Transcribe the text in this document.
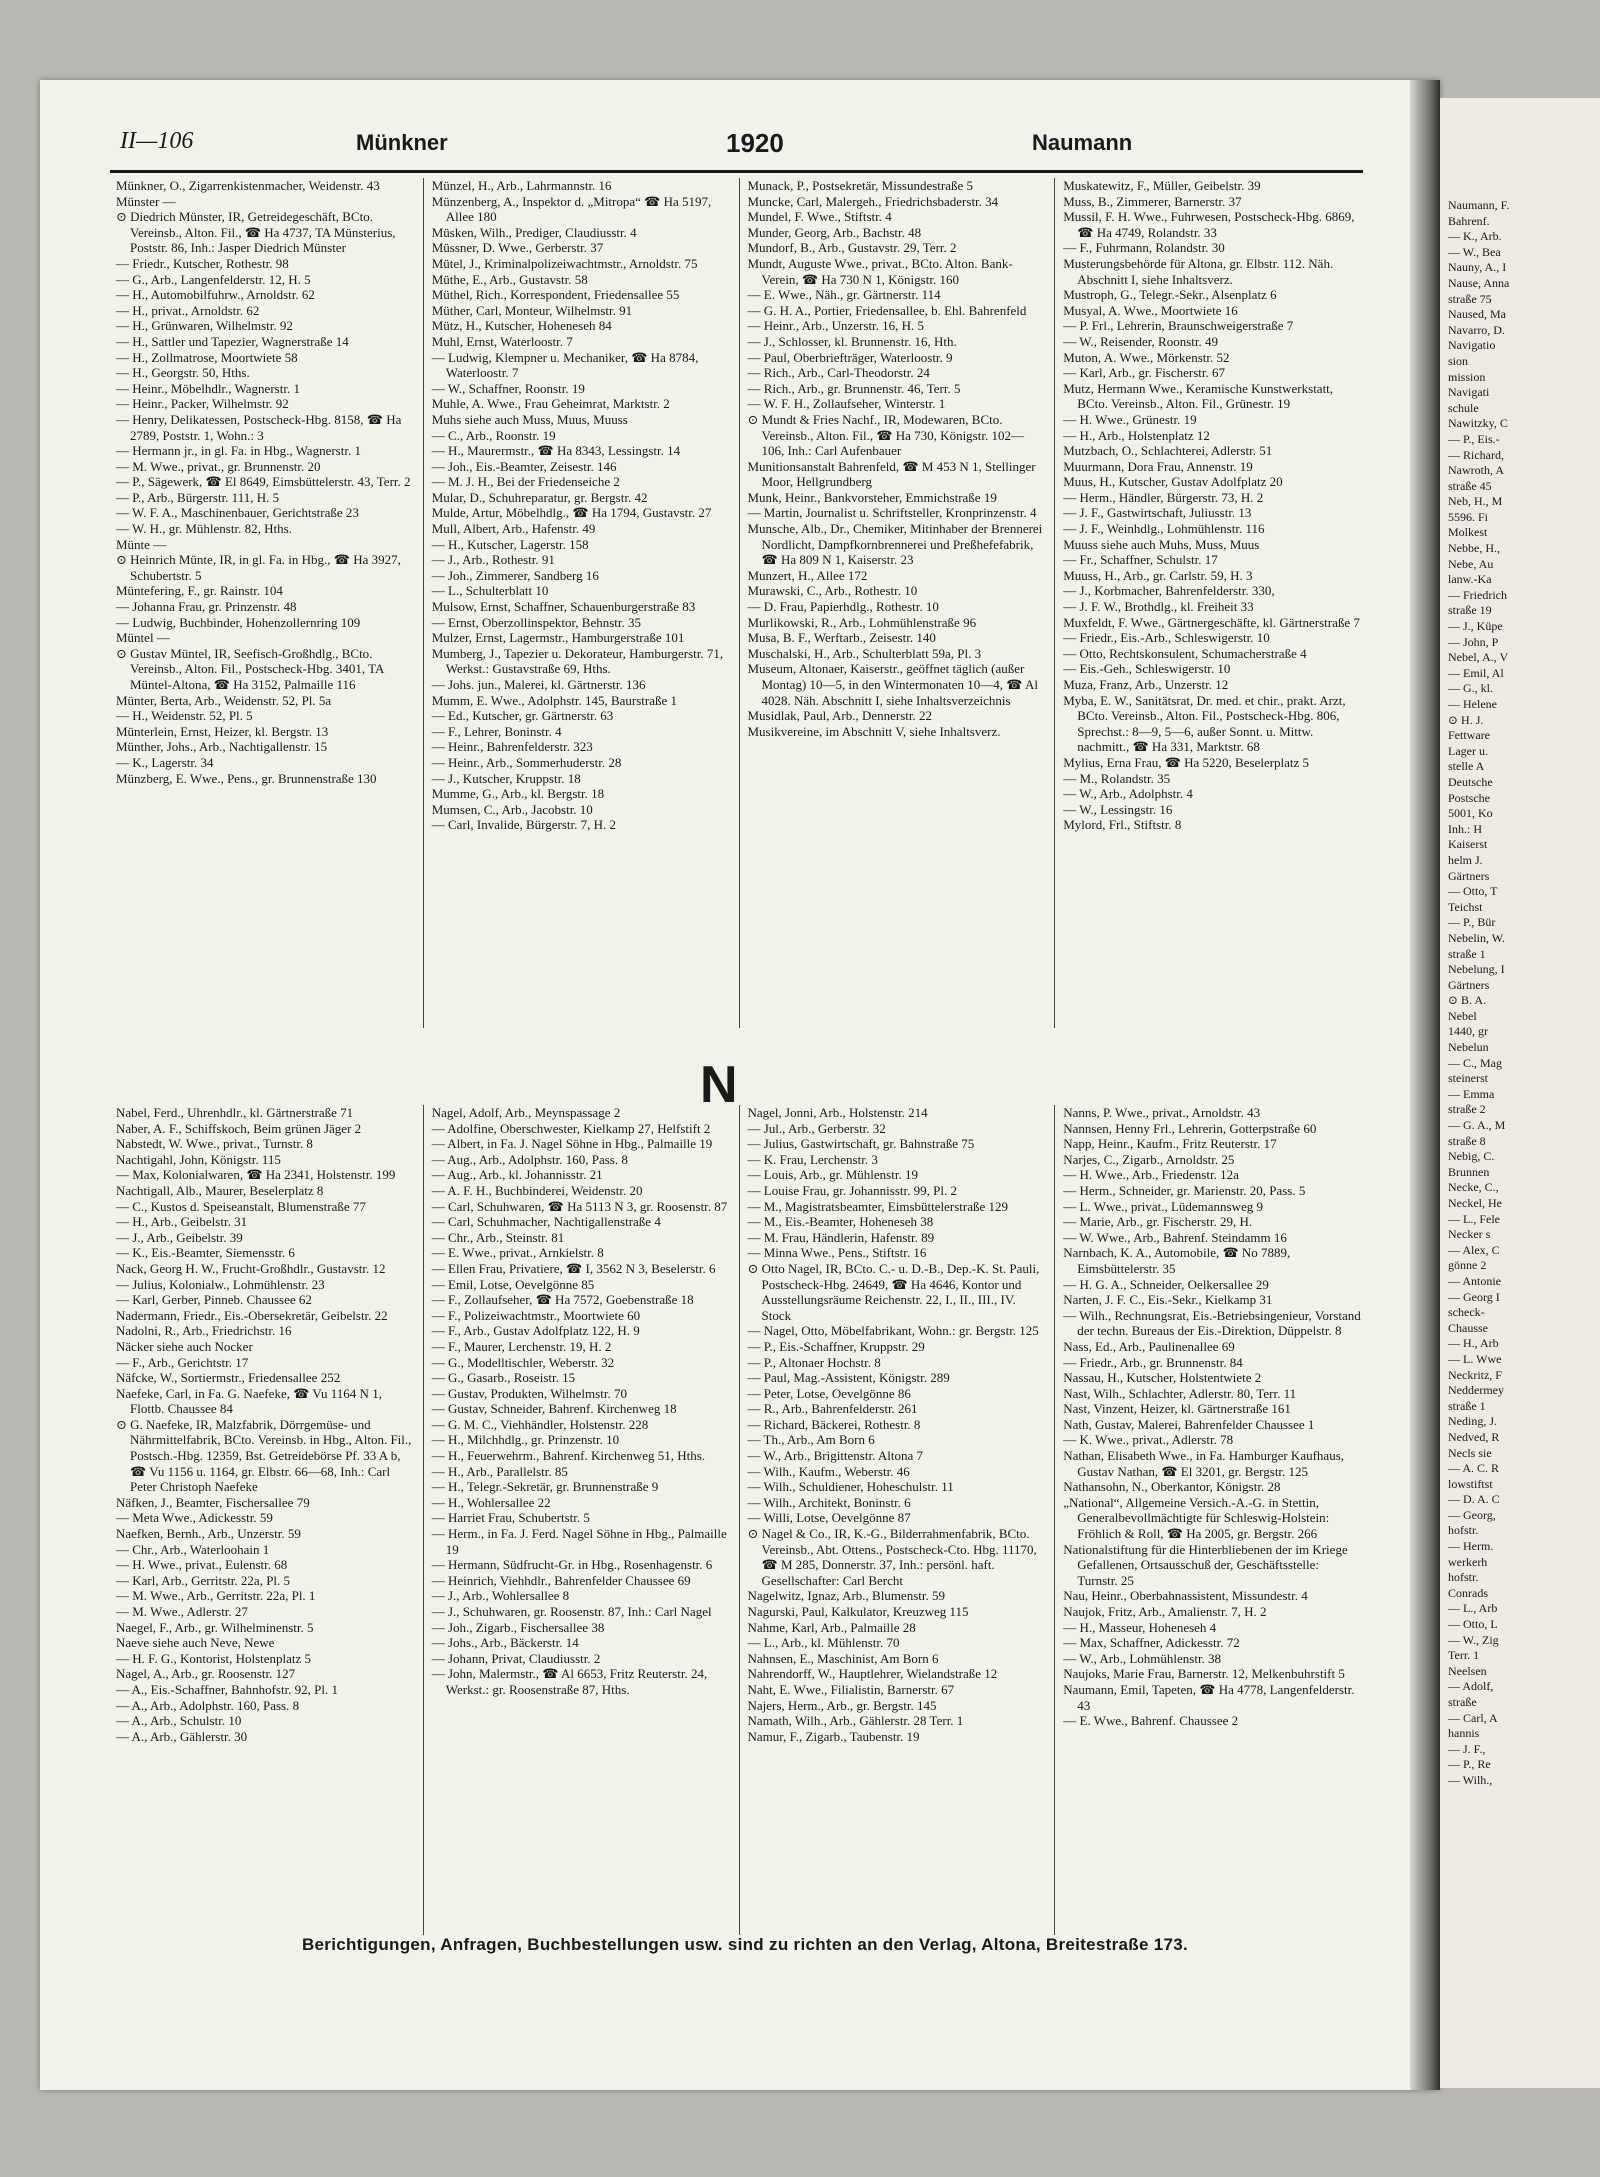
II—106	Münkner	1920	Naumann

Münkner, O., Zigarrenkistenmacher, Weidenstr. 43

Münster —

⊙ Diedrich Münster, IR, Getreidegeschäft, BCto. Vereinsb., Alton. Fil., ☎ Ha 4737, TA Münsterius, Poststr. 86, Inh.: Jasper Diedrich Münster

— Friedr., Kutscher, Rothestr. 98

— G., Arb., Langenfelderstr. 12, H. 5

— H., Automobilfuhrw., Arnoldstr. 62

— H., privat., Arnoldstr. 62

— H., Grünwaren, Wilhelmstr. 92

— H., Sattler und Tapezier, Wagnerstraße 14

— H., Zollmatrose, Moortwiete 58

— H., Georgstr. 50, Hths.

— Heinr., Möbelhdlr., Wagnerstr. 1

— Heinr., Packer, Wilhelmstr. 92

— Henry, Delikatessen, Postscheck-Hbg. 8158, ☎ Ha 2789, Poststr. 1, Wohn.: 3

— Hermann jr., in gl. Fa. in Hbg., Wagnerstr. 1

— M. Wwe., privat., gr. Brunnenstr. 20

— P., Sägewerk, ☎ El 8649, Eimsbüttelerstr. 43, Terr. 2

— P., Arb., Bürgerstr. 111, H. 5

— W. F. A., Maschinenbauer, Gerichtstraße 23

— W. H., gr. Mühlenstr. 82, Hths.

Münte —

⊙ Heinrich Münte, IR, in gl. Fa. in Hbg., ☎ Ha 3927, Schubertstr. 5

Müntefering, F., gr. Rainstr. 104

— Johanna Frau, gr. Prinzenstr. 48

— Ludwig, Buchbinder, Hohenzollernring 109

Müntel —

⊙ Gustav Müntel, IR, Seefisch-Großhdlg., BCto. Vereinsb., Alton. Fil., Postscheck-Hbg. 3401, TA Müntel-Altona, ☎ Ha 3152, Palmaille 116

Münter, Berta, Arb., Weidenstr. 52, Pl. 5a

— H., Weidenstr. 52, Pl. 5

Münterlein, Ernst, Heizer, kl. Bergstr. 13

Münther, Johs., Arb., Nachtigallenstr. 15

— K., Lagerstr. 34

Münzberg, E. Wwe., Pens., gr. Brunnenstraße 130

Münzel, H., Arb., Lahrmannstr. 16

Münzenberg, A., Inspektor d. „Mitropa“ ☎ Ha 5197, Allee 180

Müsken, Wilh., Prediger, Claudiusstr. 4

Müssner, D. Wwe., Gerberstr. 37

Mütel, J., Kriminalpolizeiwachtmstr., Arnoldstr. 75

Müthe, E., Arb., Gustavstr. 58

Müthel, Rich., Korrespondent, Friedensallee 55

Müther, Carl, Monteur, Wilhelmstr. 91

Mütz, H., Kutscher, Hoheneseh 84

Muhl, Ernst, Waterloostr. 7

— Ludwig, Klempner u. Mechaniker, ☎ Ha 8784, Waterloostr. 7

— W., Schaffner, Roonstr. 19

Muhle, A. Wwe., Frau Geheimrat, Marktstr. 2

Muhs siehe auch Muss, Muus, Muuss

— C., Arb., Roonstr. 19

— H., Maurermstr., ☎ Ha 8343, Lessingstr. 14

— Joh., Eis.-Beamter, Zeisestr. 146

— M. J. H., Bei der Friedenseiche 2

Mular, D., Schuhreparatur, gr. Bergstr. 42

Mulde, Artur, Möbelhdlg., ☎ Ha 1794, Gustavstr. 27

Mull, Albert, Arb., Hafenstr. 49

— H., Kutscher, Lagerstr. 158

— J., Arb., Rothestr. 91

— Joh., Zimmerer, Sandberg 16

— L., Schulterblatt 10

Mulsow, Ernst, Schaffner, Schauenburgerstraße 83

— Ernst, Oberzollinspektor, Behnstr. 35

Mulzer, Ernst, Lagermstr., Hamburgerstraße 101

Mumberg, J., Tapezier u. Dekorateur, Hamburgerstr. 71, Werkst.: Gustavstraße 69, Hths.

— Johs. jun., Malerei, kl. Gärtnerstr. 136

Mumm, E. Wwe., Adolphstr. 145, Baurstraße 1

— Ed., Kutscher, gr. Gärtnerstr. 63

— F., Lehrer, Boninstr. 4

— Heinr., Bahrenfelderstr. 323

— Heinr., Arb., Sommerhuderstr. 28

— J., Kutscher, Kruppstr. 18

Mumme, G., Arb., kl. Bergstr. 18

Mumsen, C., Arb., Jacobstr. 10

— Carl, Invalide, Bürgerstr. 7, H. 2

Munack, P., Postsekretär, Missundestraße 5

Muncke, Carl, Malergeh., Friedrichsbaderstr. 34

Mundel, F. Wwe., Stiftstr. 4

Munder, Georg, Arb., Bachstr. 48

Mundorf, B., Arb., Gustavstr. 29, Terr. 2

Mundt, Auguste Wwe., privat., BCto. Alton. Bank-Verein, ☎ Ha 730 N 1, Königstr. 160

— E. Wwe., Näh., gr. Gärtnerstr. 114

— G. H. A., Portier, Friedensallee, b. Ehl. Bahrenfeld

— Heinr., Arb., Unzerstr. 16, H. 5

— J., Schlosser, kl. Brunnenstr. 16, Hth.

— Paul, Oberbriefträger, Waterloostr. 9

— Rich., Arb., Carl-Theodorstr. 24

— Rich., Arb., gr. Brunnenstr. 46, Terr. 5

— W. F. H., Zollaufseher, Winterstr. 1

⊙ Mundt & Fries Nachf., IR, Modewaren, BCto. Vereinsb., Alton. Fil., ☎ Ha 730, Königstr. 102—106, Inh.: Carl Aufenbauer

Munitionsanstalt Bahrenfeld, ☎ M 453 N 1, Stellinger Moor, Hellgrundberg

Munk, Heinr., Bankvorsteher, Emmichstraße 19

— Martin, Journalist u. Schriftsteller, Kronprinzenstr. 4

Munsche, Alb., Dr., Chemiker, Mitinhaber der Brennerei Nordlicht, Dampfkornbrennerei und Preßhefefabrik, ☎ Ha 809 N 1, Kaiserstr. 23

Munzert, H., Allee 172

Murawski, C., Arb., Rothestr. 10

— D. Frau, Papierhdlg., Rothestr. 10

Murlikowski, R., Arb., Lohmühlenstraße 96

Musa, B. F., Werftarb., Zeisestr. 140

Muschalski, H., Arb., Schulterblatt 59a, Pl. 3

Museum, Altonaer, Kaiserstr., geöffnet täglich (außer Montag) 10—5, in den Wintermonaten 10—4, ☎ Al 4028. Näh. Abschnitt I, siehe Inhaltsverzeichnis

Musidlak, Paul, Arb., Dennerstr. 22

Musikvereine, im Abschnitt V, siehe Inhaltsverz.

Muskatewitz, F., Müller, Geibelstr. 39

Muss, B., Zimmerer, Barnerstr. 37

Mussil, F. H. Wwe., Fuhrwesen, Postscheck-Hbg. 6869, ☎ Ha 4749, Rolandstr. 33

— F., Fuhrmann, Rolandstr. 30

Musterungsbehörde für Altona, gr. Elbstr. 112. Näh. Abschnitt I, siehe Inhaltsverz.

Mustroph, G., Telegr.-Sekr., Alsenplatz 6

Musyal, A. Wwe., Moortwiete 16

— P. Frl., Lehrerin, Braunschweigerstraße 7

— W., Reisender, Roonstr. 49

Muton, A. Wwe., Mörkenstr. 52

— Karl, Arb., gr. Fischerstr. 67

Mutz, Hermann Wwe., Keramische Kunstwerkstatt, BCto. Vereinsb., Alton. Fil., Grünestr. 19

— H. Wwe., Grünestr. 19

— H., Arb., Holstenplatz 12

Mutzbach, O., Schlachterei, Adlerstr. 51

Muurmann, Dora Frau, Annenstr. 19

Muus, H., Kutscher, Gustav Adolfplatz 20

— Herm., Händler, Bürgerstr. 73, H. 2

— J. F., Gastwirtschaft, Juliusstr. 13

— J. F., Weinhdlg., Lohmühlenstr. 116

Muuss siehe auch Muhs, Muss, Muus

— Fr., Schaffner, Schulstr. 17

Muuss, H., Arb., gr. Carlstr. 59, H. 3

— J., Korbmacher, Bahrenfelderstr. 330,

— J. F. W., Brothdlg., kl. Freiheit 33

Muxfeldt, F. Wwe., Gärtnergeschäfte, kl. Gärtnerstraße 7

— Friedr., Eis.-Arb., Schleswigerstr. 10

— Otto, Rechtskonsulent, Schumacherstraße 4

— Eis.-Geh., Schleswigerstr. 10

Muza, Franz, Arb., Unzerstr. 12

Myba, E. W., Sanitätsrat, Dr. med. et chir., prakt. Arzt, BCto. Vereinsb., Alton. Fil., Postscheck-Hbg. 806, Sprechst.: 8—9, 5—6, außer Sonnt. u. Mittw. nachmitt., ☎ Ha 331, Marktstr. 68

Mylius, Erna Frau, ☎ Ha 5220, Beselerplatz 5

— M., Rolandstr. 35

— W., Arb., Adolphstr. 4

— W., Lessingstr. 16

Mylord, Frl., Stiftstr. 8

N

Nabel, Ferd., Uhrenhdlr., kl. Gärtnerstraße 71

Naber, A. F., Schiffskoch, Beim grünen Jäger 2

Nabstedt, W. Wwe., privat., Turnstr. 8

Nachtigahl, John, Königstr. 115

— Max, Kolonialwaren, ☎ Ha 2341, Holstenstr. 199

Nachtigall, Alb., Maurer, Beselerplatz 8

— C., Kustos d. Speiseanstalt, Blumenstraße 77

— H., Arb., Geibelstr. 31

— J., Arb., Geibelstr. 39

— K., Eis.-Beamter, Siemensstr. 6

Nack, Georg H. W., Frucht-Großhdlr., Gustavstr. 12

— Julius, Kolonialw., Lohmühlenstr. 23

— Karl, Gerber, Pinneb. Chaussee 62

Nadermann, Friedr., Eis.-Obersekretär, Geibelstr. 22

Nadolni, R., Arb., Friedrichstr. 16

Näcker siehe auch Nocker

— F., Arb., Gerichtstr. 17

Näfcke, W., Sortiermstr., Friedensallee 252

Naefeke, Carl, in Fa. G. Naefeke, ☎ Vu 1164 N 1, Flottb. Chaussee 84

⊙ G. Naefeke, IR, Malzfabrik, Dörrgemüse- und Nährmittelfabrik, BCto. Vereinsb. in Hbg., Alton. Fil., Postsch.-Hbg. 12359, Bst. Getreidebörse Pf. 33 A b, ☎ Vu 1156 u. 1164, gr. Elbstr. 66—68, Inh.: Carl Peter Christoph Naefeke

Näfken, J., Beamter, Fischersallee 79

— Meta Wwe., Adickesstr. 59

Naefken, Bernh., Arb., Unzerstr. 59

— Chr., Arb., Waterloohain 1

— H. Wwe., privat., Eulenstr. 68

— Karl, Arb., Gerritstr. 22a, Pl. 5

— M. Wwe., Arb., Gerritstr. 22a, Pl. 1

— M. Wwe., Adlerstr. 27

Naegel, F., Arb., gr. Wilhelminenstr. 5

Naeve siehe auch Neve, Newe

— H. F. G., Kontorist, Holstenplatz 5

Nagel, A., Arb., gr. Roosenstr. 127

— A., Eis.-Schaffner, Bahnhofstr. 92, Pl. 1

— A., Arb., Adolphstr. 160, Pass. 8

— A., Arb., Schulstr. 10

— A., Arb., Gählerstr. 30

Nagel, Adolf, Arb., Meynspassage 2

— Adolfine, Oberschwester, Kielkamp 27, Helfstift 2

— Albert, in Fa. J. Nagel Söhne in Hbg., Palmaille 19

— Aug., Arb., Adolphstr. 160, Pass. 8

— Aug., Arb., kl. Johannisstr. 21

— A. F. H., Buchbinderei, Weidenstr. 20

— Carl, Schuhwaren, ☎ Ha 5113 N 3, gr. Roosenstr. 87

— Carl, Schuhmacher, Nachtigallenstraße 4

— Chr., Arb., Steinstr. 81

— E. Wwe., privat., Arnkielstr. 8

— Ellen Frau, Privatiere, ☎ I, 3562 N 3, Beselerstr. 6

— Emil, Lotse, Oevelgönne 85

— F., Zollaufseher, ☎ Ha 7572, Goebenstraße 18

— F., Polizeiwachtmstr., Moortwiete 60

— F., Arb., Gustav Adolfplatz 122, H. 9

— F., Maurer, Lerchenstr. 19, H. 2

— G., Modelltischler, Weberstr. 32

— G., Gasarb., Roseistr. 15

— Gustav, Produkten, Wilhelmstr. 70

— Gustav, Schneider, Bahrenf. Kirchenweg 18

— G. M. C., Viehhändler, Holstenstr. 228

— H., Milchhdlg., gr. Prinzenstr. 10

— H., Feuerwehrm., Bahrenf. Kirchenweg 51, Hths.

— H., Arb., Parallelstr. 85

— H., Telegr.-Sekretär, gr. Brunnenstraße 9

— H., Wohlersallee 22

— Harriet Frau, Schubertstr. 5

— Herm., in Fa. J. Ferd. Nagel Söhne in Hbg., Palmaille 19

— Hermann, Südfrucht-Gr. in Hbg., Rosenhagenstr. 6

— Heinrich, Viehhdlr., Bahrenfelder Chaussee 69

— J., Arb., Wohlersallee 8

— J., Schuhwaren, gr. Roosenstr. 87, Inh.: Carl Nagel

— Joh., Zigarb., Fischersallee 38

— Johs., Arb., Bäckerstr. 14

— Johann, Privat, Claudiusstr. 2

— John, Malermstr., ☎ Al 6653, Fritz Reuterstr. 24, Werkst.: gr. Roosenstraße 87, Hths.

Nagel, Jonni, Arb., Holstenstr. 214

— Jul., Arb., Gerberstr. 32

— Julius, Gastwirtschaft, gr. Bahnstraße 75

— K. Frau, Lerchenstr. 3

— Louis, Arb., gr. Mühlenstr. 19

— Louise Frau, gr. Johannisstr. 99, Pl. 2

— M., Magistratsbeamter, Eimsbüttelerstraße 129

— M., Eis.-Beamter, Hoheneseh 38

— M. Frau, Händlerin, Hafenstr. 89

— Minna Wwe., Pens., Stiftstr. 16

⊙ Otto Nagel, IR, BCto. C.- u. D.-B., Dep.-K. St. Pauli, Postscheck-Hbg. 24649, ☎ Ha 4646, Kontor und Ausstellungsräume Reichenstr. 22, I., II., III., IV. Stock

— Nagel, Otto, Möbelfabrikant, Wohn.: gr. Bergstr. 125

— P., Eis.-Schaffner, Kruppstr. 29

— P., Altonaer Hochstr. 8

— Paul, Mag.-Assistent, Königstr. 289

— Peter, Lotse, Oevelgönne 86

— R., Arb., Bahrenfelderstr. 261

— Richard, Bäckerei, Rothestr. 8

— Th., Arb., Am Born 6

— W., Arb., Brigittenstr. Altona 7

— Wilh., Kaufm., Weberstr. 46

— Wilh., Schuldiener, Hoheschulstr. 11

— Wilh., Architekt, Boninstr. 6

— Willi, Lotse, Oevelgönne 87

⊙ Nagel & Co., IR, K.-G., Bilderrahmenfabrik, BCto. Vereinsb., Abt. Ottens., Postscheck-Cto. Hbg. 11170, ☎ M 285, Donnerstr. 37, Inh.: persönl. haft. Gesellschafter: Carl Bercht

Nagelwitz, Ignaz, Arb., Blumenstr. 59

Nagurski, Paul, Kalkulator, Kreuzweg 115

Nahme, Karl, Arb., Palmaille 28

— L., Arb., kl. Mühlenstr. 70

Nahnsen, E., Maschinist, Am Born 6

Nahrendorff, W., Hauptlehrer, Wielandstraße 12

Naht, E. Wwe., Filialistin, Barnerstr. 67

Najers, Herm., Arb., gr. Bergstr. 145

Namath, Wilh., Arb., Gählerstr. 28 Terr. 1

Namur, F., Zigarb., Taubenstr. 19

Nanns, P. Wwe., privat., Arnoldstr. 43

Nannsen, Henny Frl., Lehrerin, Gotterpstraße 60

Napp, Heinr., Kaufm., Fritz Reuterstr. 17

Narjes, C., Zigarb., Arnoldstr. 25

— H. Wwe., Arb., Friedenstr. 12a

— Herm., Schneider, gr. Marienstr. 20, Pass. 5

— L. Wwe., privat., Lüdemannsweg 9

— Marie, Arb., gr. Fischerstr. 29, H.

— W. Wwe., Arb., Bahrenf. Steindamm 16

Narnbach, K. A., Automobile, ☎ No 7889, Eimsbüttelerstr. 35

— H. G. A., Schneider, Oelkersallee 29

Narten, J. F. C., Eis.-Sekr., Kielkamp 31

— Wilh., Rechnungsrat, Eis.-Betriebsingenieur, Vorstand der techn. Bureaus der Eis.-Direktion, Düppelstr. 8

Nass, Ed., Arb., Paulinenallee 69

— Friedr., Arb., gr. Brunnenstr. 84

Nassau, H., Kutscher, Holstentwiete 2

Nast, Wilh., Schlachter, Adlerstr. 80, Terr. 11

Nast, Vinzent, Heizer, kl. Gärtnerstraße 161

Nath, Gustav, Malerei, Bahrenfelder Chaussee 1

— K. Wwe., privat., Adlerstr. 78

Nathan, Elisabeth Wwe., in Fa. Hamburger Kaufhaus, Gustav Nathan, ☎ El 3201, gr. Bergstr. 125

Nathansohn, N., Oberkantor, Königstr. 28

„National“, Allgemeine Versich.-A.-G. in Stettin, Generalbevollmächtigte für Schleswig-Holstein: Fröhlich & Roll, ☎ Ha 2005, gr. Bergstr. 266

Nationalstiftung für die Hinterbliebenen der im Kriege Gefallenen, Ortsausschuß der, Geschäftsstelle: Turnstr. 25

Nau, Heinr., Oberbahnassistent, Missundestr. 4

Naujok, Fritz, Arb., Amalienstr. 7, H. 2

— H., Masseur, Hoheneseh 4

— Max, Schaffner, Adickesstr. 72

— W., Arb., Lohmühlenstr. 38

Naujoks, Marie Frau, Barnerstr. 12, Melkenbuhrstift 5

Naumann, Emil, Tapeten, ☎ Ha 4778, Langenfelderstr. 43

— E. Wwe., Bahrenf. Chaussee 2

Berichtigungen, Anfragen, Buchbestellungen usw. sind zu richten an den Verlag, Altona, Breitestraße 173.

Naumann, F.

Bahrenf.

— K., Arb.

— W., Bea

Nauny, A., I

Nause, Anna

straße 75

Naused, Ma

Navarro, D.

Navigatio

sion

mission

Navigati

schule

Nawitzky, C

— P., Eis.-

— Richard,

Nawroth, A

straße 45

Neb, H., M

5596. Fi

Molkest

Nebbe, H.,

Nebe, Au

lanw.-Ka

— Friedrich

straße 19

— J., Küpe

— John, P

Nebel, A., V

— Emil, Al

— G., kl.

— Helene

⊙ H. J.

Fettware

Lager u.

stelle A

Deutsche

Postsche

5001, Ko

Inh.: H

Kaiserst

helm J.

Gärtners

— Otto, T

Teichst

— P., Bür

Nebelin, W.

straße 1

Nebelung, I

Gärtners

⊙ B. A.

Nebel

1440, gr

Nebelun

— C., Mag

steinerst

— Emma

straße 2

— G. A., M

straße 8

Nebig, C.

Brunnen

Necke, C.,

Neckel, He

— L., Fele

Necker s

— Alex, C

gönne 2

— Antonie

— Georg I

scheck-

Chausse

— H., Arb

— L. Wwe

Neckritz, F

Neddermey

straße 1

Neding, J.

Nedved, R

Necls sie

— A. C. R

lowstiftst

— D. A. C

— Georg,

hofstr.

— Herm.

werkerh

hofstr.

Conrads

— L., Arb

— Otto, L

— W., Zig

Terr. 1

Neelsen

— Adolf,

straße

— Carl, A

hannis

— J. F.,

— P., Re

— Wilh.,
